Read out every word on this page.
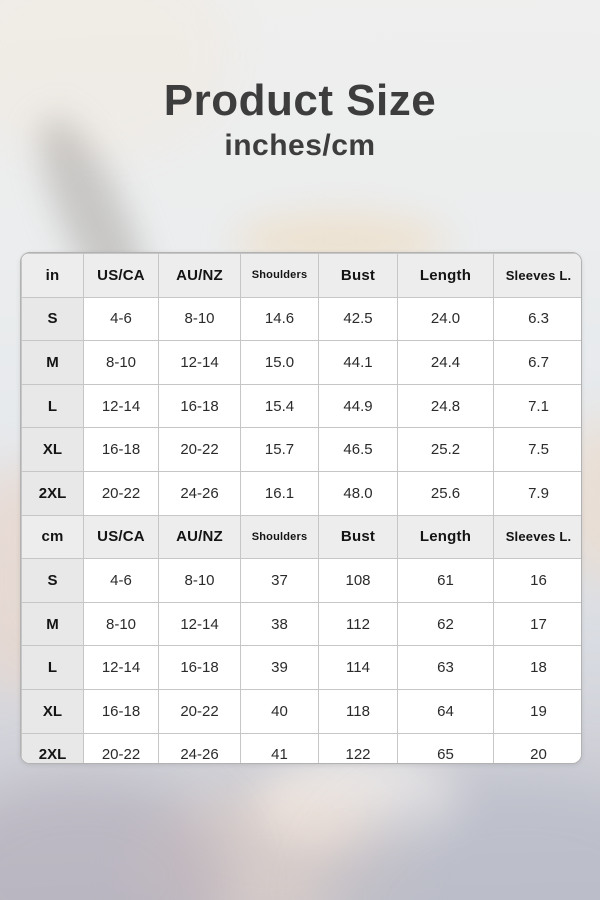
Product Size
inches/cm
in	US/CA	AU/NZ	Shoulders	Bust	Length	Sleeves L.
S	4-6	8-10	14.6	42.5	24.0	6.3
M	8-10	12-14	15.0	44.1	24.4	6.7
L	12-14	16-18	15.4	44.9	24.8	7.1
XL	16-18	20-22	15.7	46.5	25.2	7.5
2XL	20-22	24-26	16.1	48.0	25.6	7.9
cm	US/CA	AU/NZ	Shoulders	Bust	Length	Sleeves L.
S	4-6	8-10	37	108	61	16
M	8-10	12-14	38	112	62	17
L	12-14	16-18	39	114	63	18
XL	16-18	20-22	40	118	64	19
2XL	20-22	24-26	41	122	65	20
